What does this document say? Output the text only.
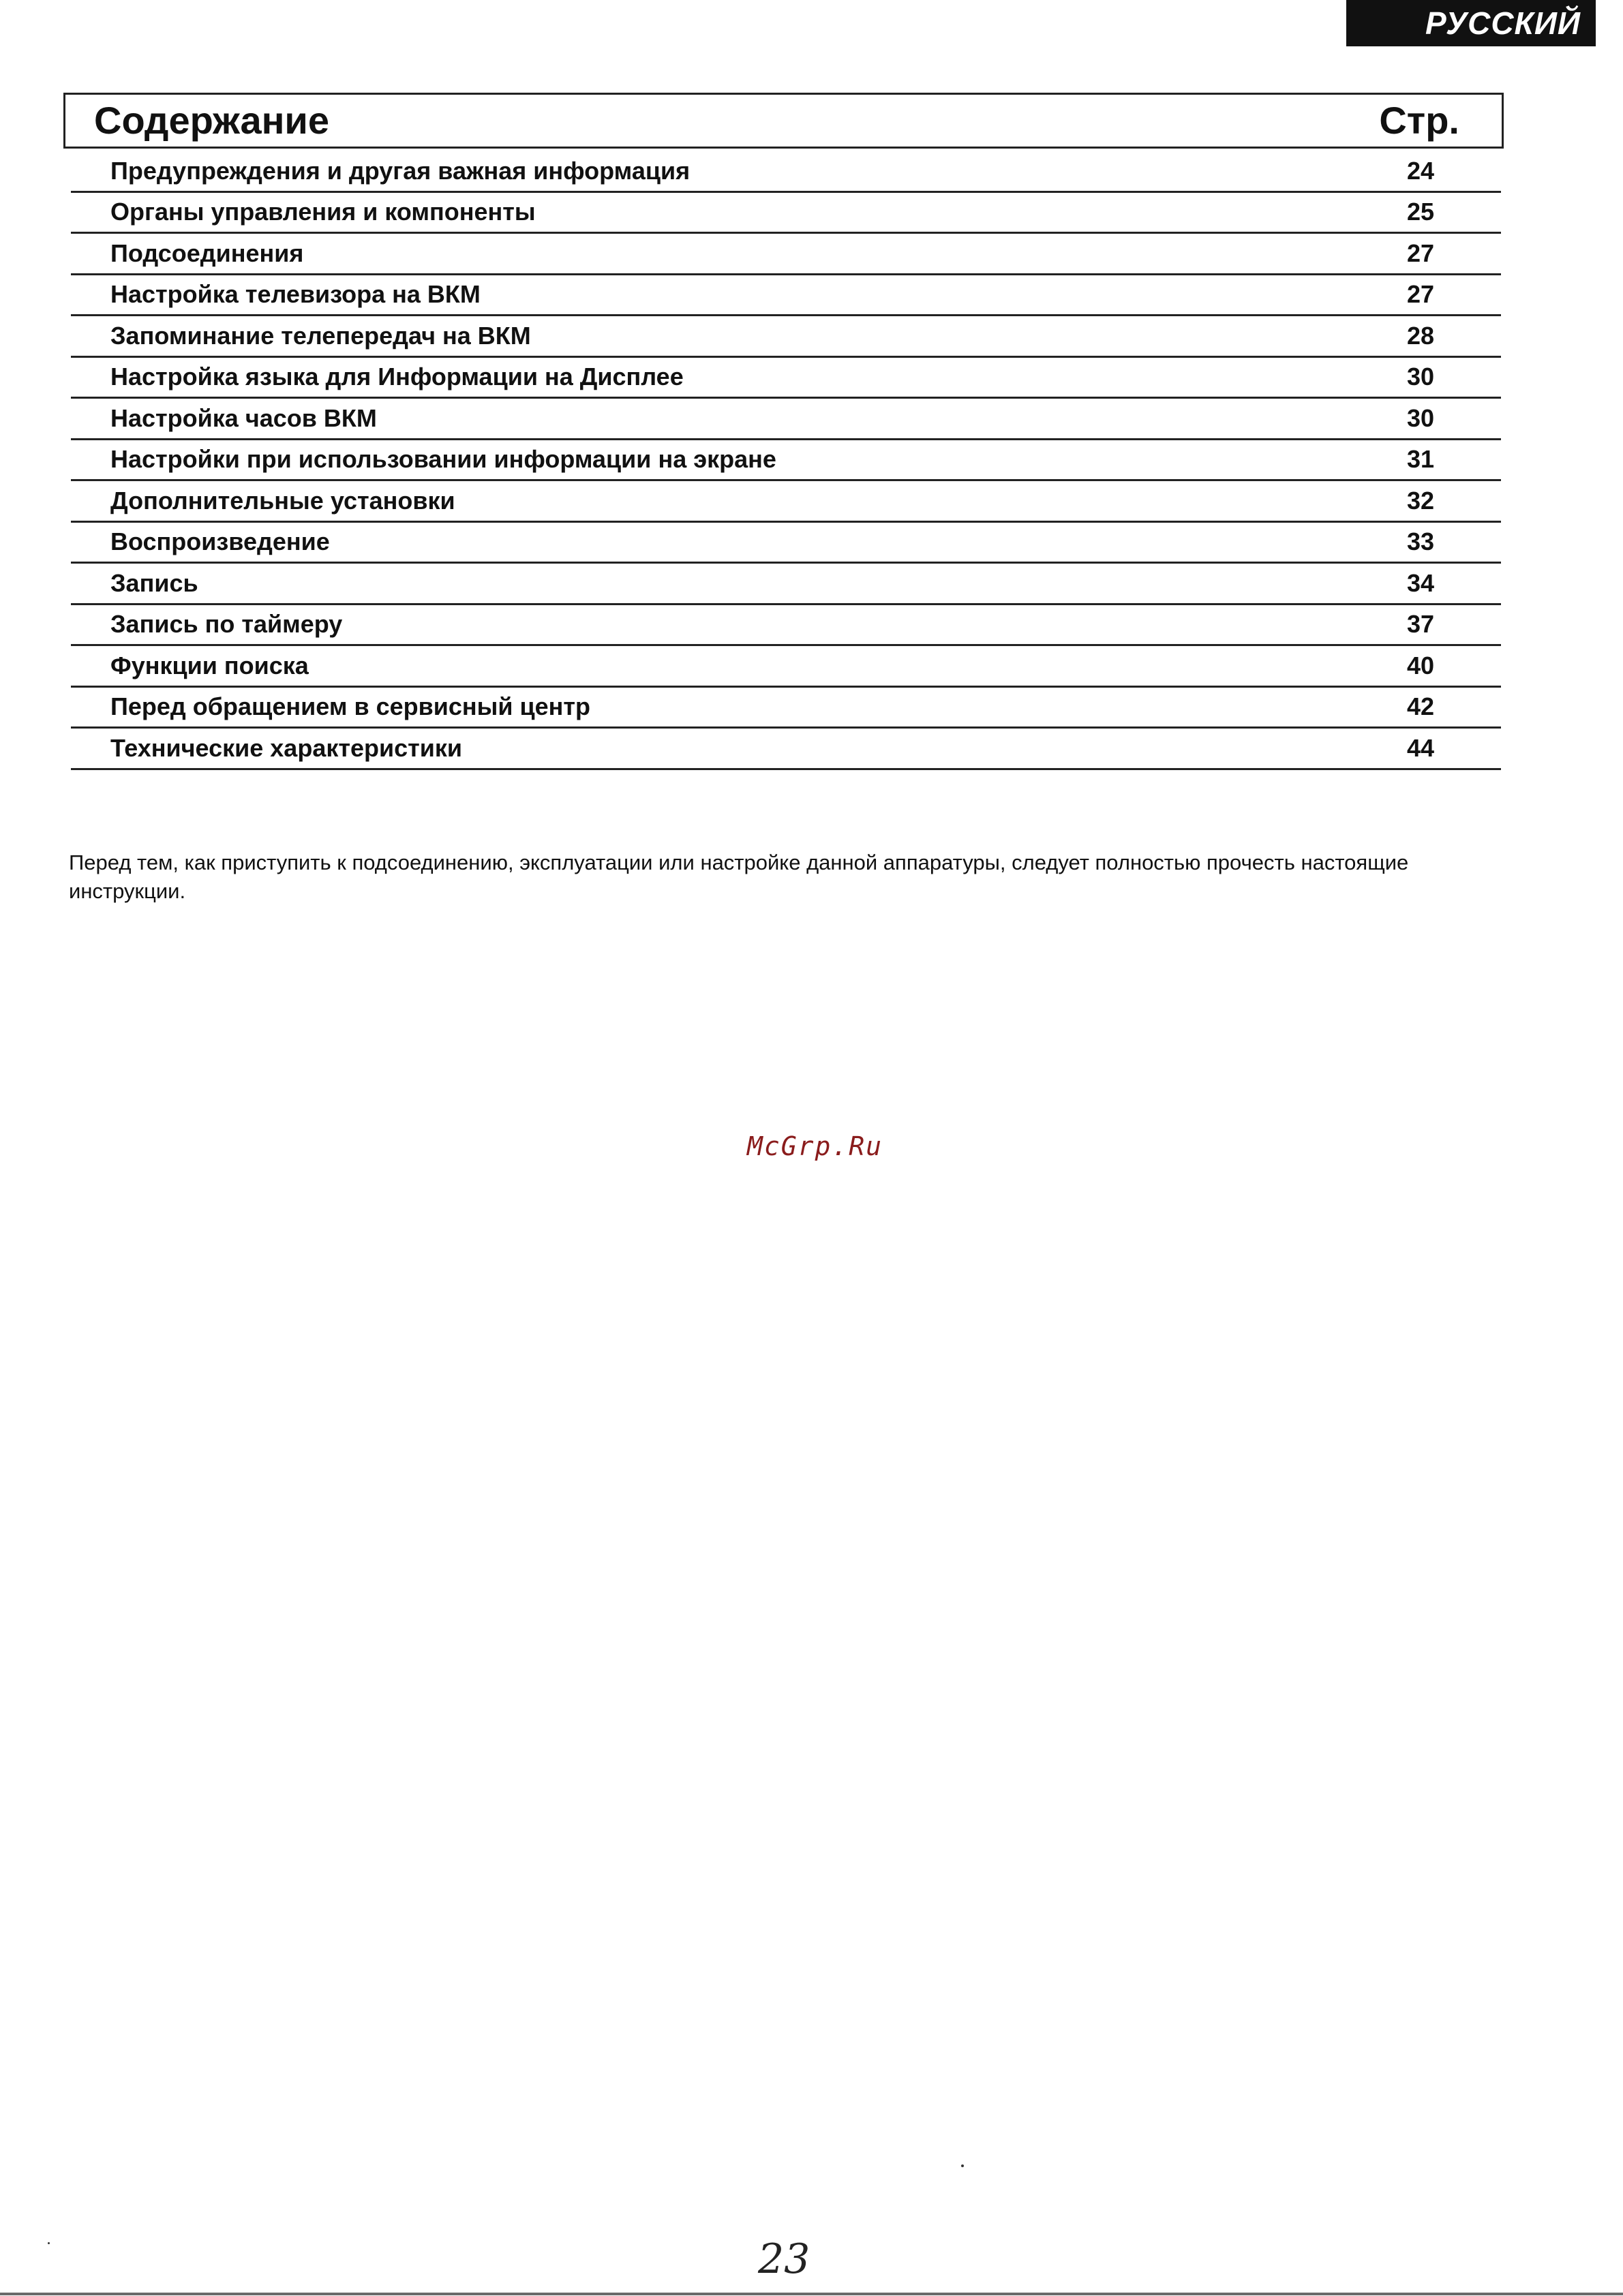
РУССКИЙ
Содержание	Стр.
Предупреждения и другая важная информация	24
Органы управления и компоненты	25
Подсоединения	27
Настройка телевизора на ВКМ	27
Запоминание телепередач на ВКМ	28
Настройка языка для Информации на Дисплее	30
Настройка часов ВКМ	30
Настройки при использовании информации на экране	31
Дополнительные установки	32
Воспроизведение	33
Запись	34
Запись по таймеру	37
Функции поиска	40
Перед обращением в сервисный центр	42
Технические характеристики	44

Перед тем, как приступить к подсоединению, эксплуатации или настройке данной аппаратуры, следует полностью прочесть настоящие инструкции.

McGrp.Ru
23
